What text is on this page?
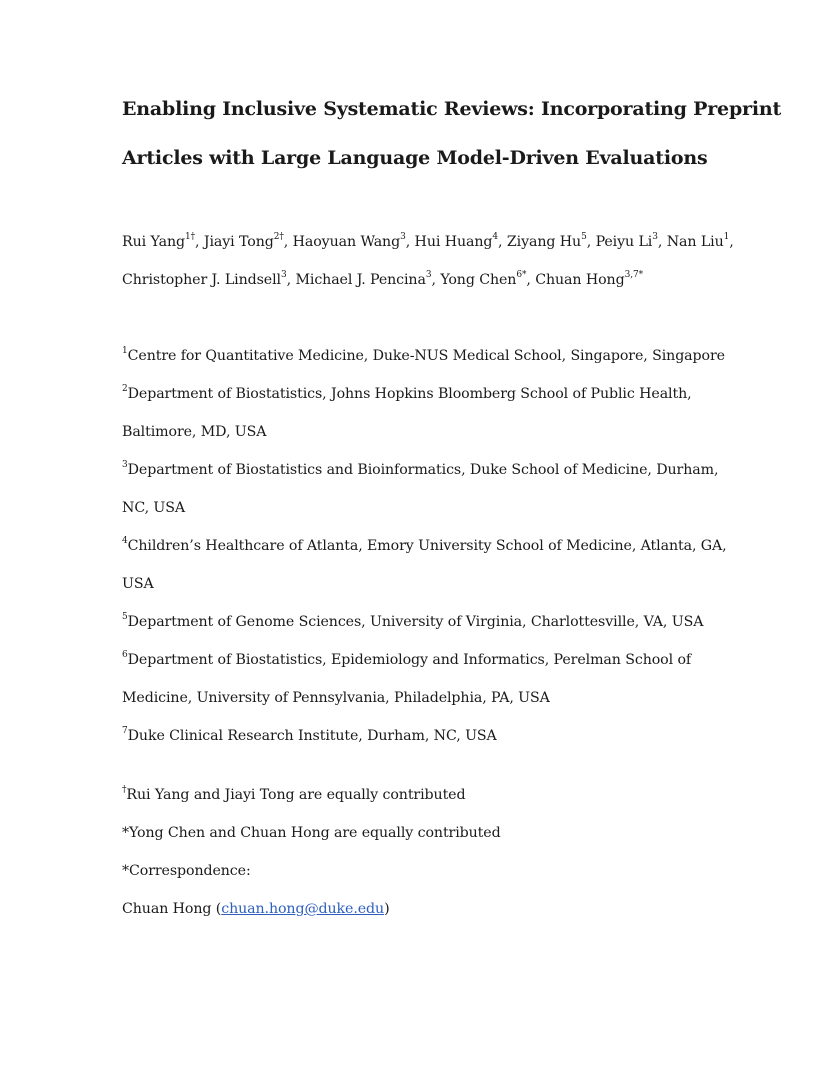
Enabling Inclusive Systematic Reviews: Incorporating Preprint
Articles with Large Language Model-Driven Evaluations
Rui Yang$^{1\dagger}$, Jiayi Tong$^{2\dagger}$, Haoyuan Wang$^3$, Hui Huang$^4$, Ziyang Hu$^5$, Peiyu Li$^3$, Nan Liu$^1$,
Christopher J. Lindsell$^3$, Michael J. Pencina$^3$, Yong Chen$^{6*}$, Chuan Hong$^{3,7*}$
$^1$Centre for Quantitative Medicine, Duke-NUS Medical School, Singapore, Singapore
$^2$Department of Biostatistics, Johns Hopkins Bloomberg School of Public Health,
Baltimore, MD, USA
$^3$Department of Biostatistics and Bioinformatics, Duke School of Medicine, Durham,
NC, USA
$^4$Children’s Healthcare of Atlanta, Emory University School of Medicine, Atlanta, GA,
USA
$^5$Department of Genome Sciences, University of Virginia, Charlottesville, VA, USA
$^6$Department of Biostatistics, Epidemiology and Informatics, Perelman School of
Medicine, University of Pennsylvania, Philadelphia, PA, USA
$^7$Duke Clinical Research Institute, Durham, NC, USA
†Rui Yang and Jiayi Tong are equally contributed
*Yong Chen and Chuan Hong are equally contributed
*Correspondence:
Chuan Hong (chuan.hong@duke.edu)
